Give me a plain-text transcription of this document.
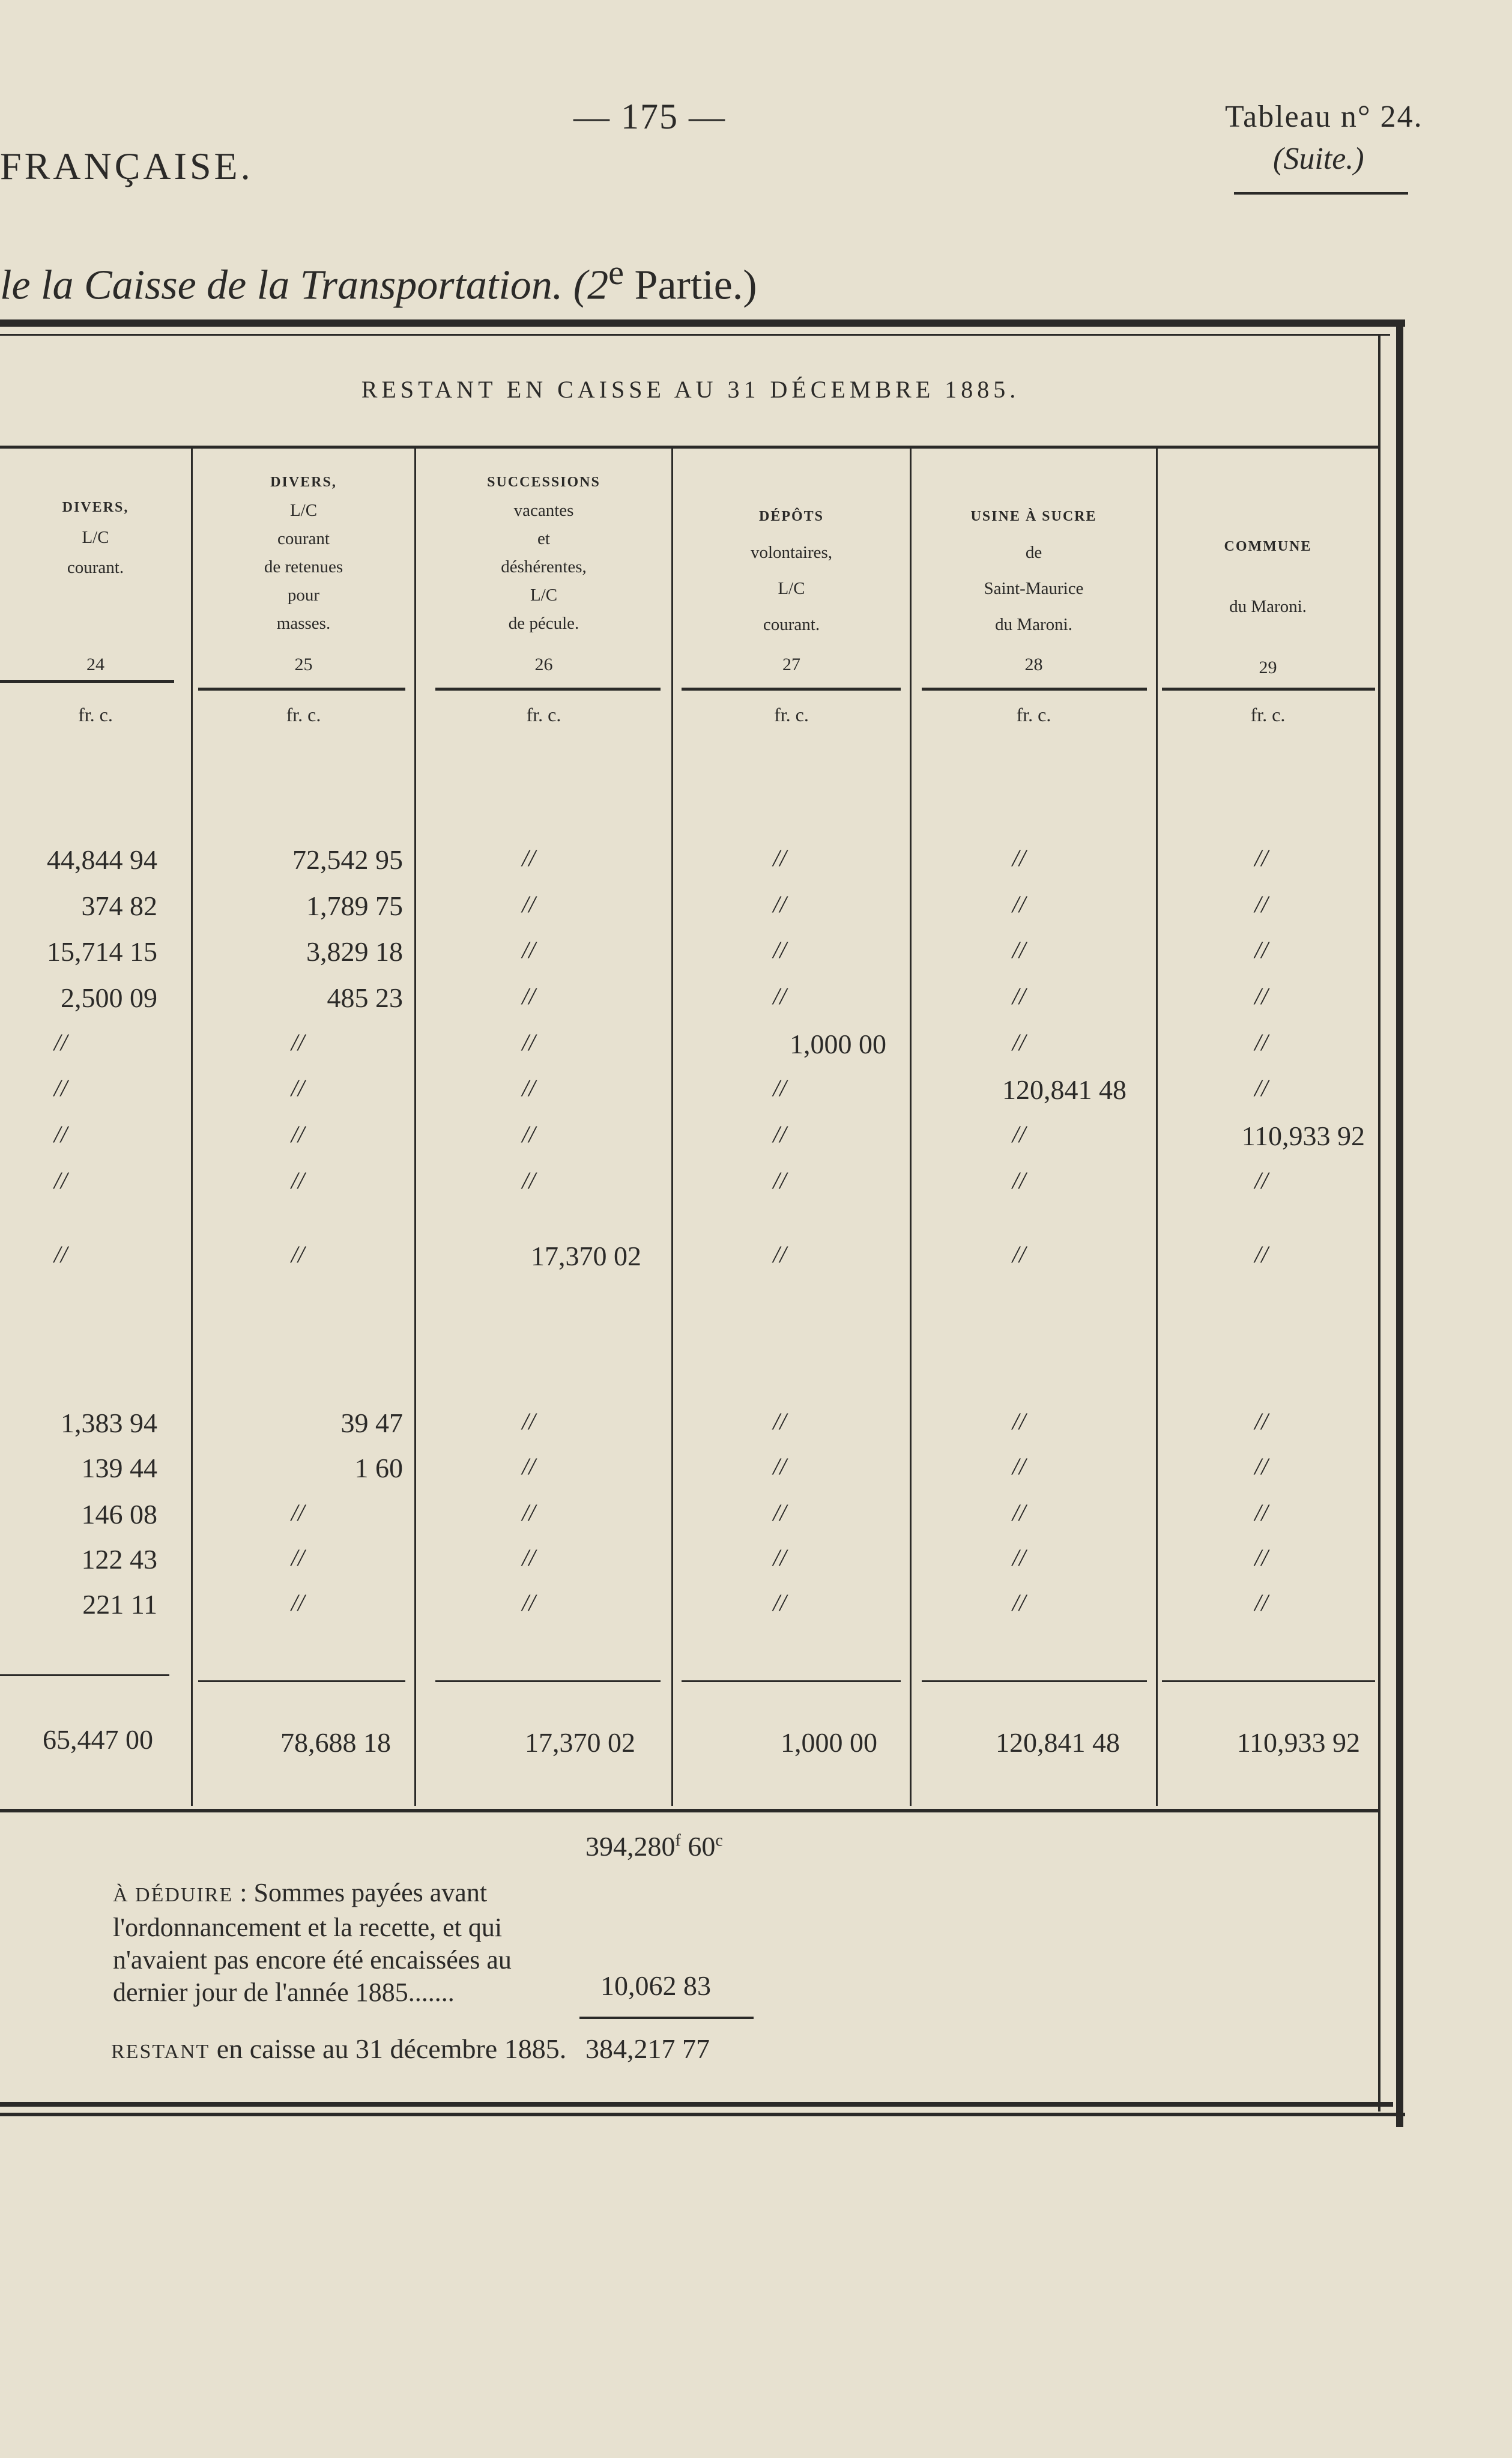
FRANÇAISE.
— 175 —	Tableau n° 24.
(Suite.)
le la Caisse de la Transportation. (2e Partie.)
RESTANT EN CAISSE AU 31 DÉCEMBRE 1885.
DIVERS,
L/C
courant.
24
DIVERS,
L/C
courant
de retenues
pour
masses.
25
SUCCESSIONS
vacantes
et
déshérentes,
L/C
de pécule.
26
DÉPÔTS
volontaires,
L/C
courant.
27
USINE À SUCRE
de
Saint-Maurice
du Maroni.
28
COMMUNE
du Maroni.
29
fr. c.	fr. c.	fr. c.	fr. c.	fr. c.	fr. c.
44,844 94	72,542 95	//	//	//	//
374 82	1,789 75	//	//	//	//
15,714 15	3,829 18	//	//	//	//
2,500 09	485 23	//	//	//	//
//	//	//	1,000 00	//	//
//	//	//	//	120,841 48	//
//	//	//	//	//	110,933 92
//	//	//	//	//	//
//	//	17,370 02	//	//	//
1,383 94	39 47	//	//	//	//
139 44	1 60	//	//	//	//
146 08	//	//	//	//	//
122 43	//	//	//	//	//
221 11	//	//	//	//	//
65,447 00	78,688 18	17,370 02	1,000 00	120,841 48	110,933 92
394,280$^f$ 60$^c$
À DÉDUIRE : Sommes payées avant l'ordonnancement et la recette, et qui n'avaient pas encore été encaissées au dernier jour de l'année 1885.......	10,062 83
RESTANT en caisse au 31 décembre 1885. 384,217 77
